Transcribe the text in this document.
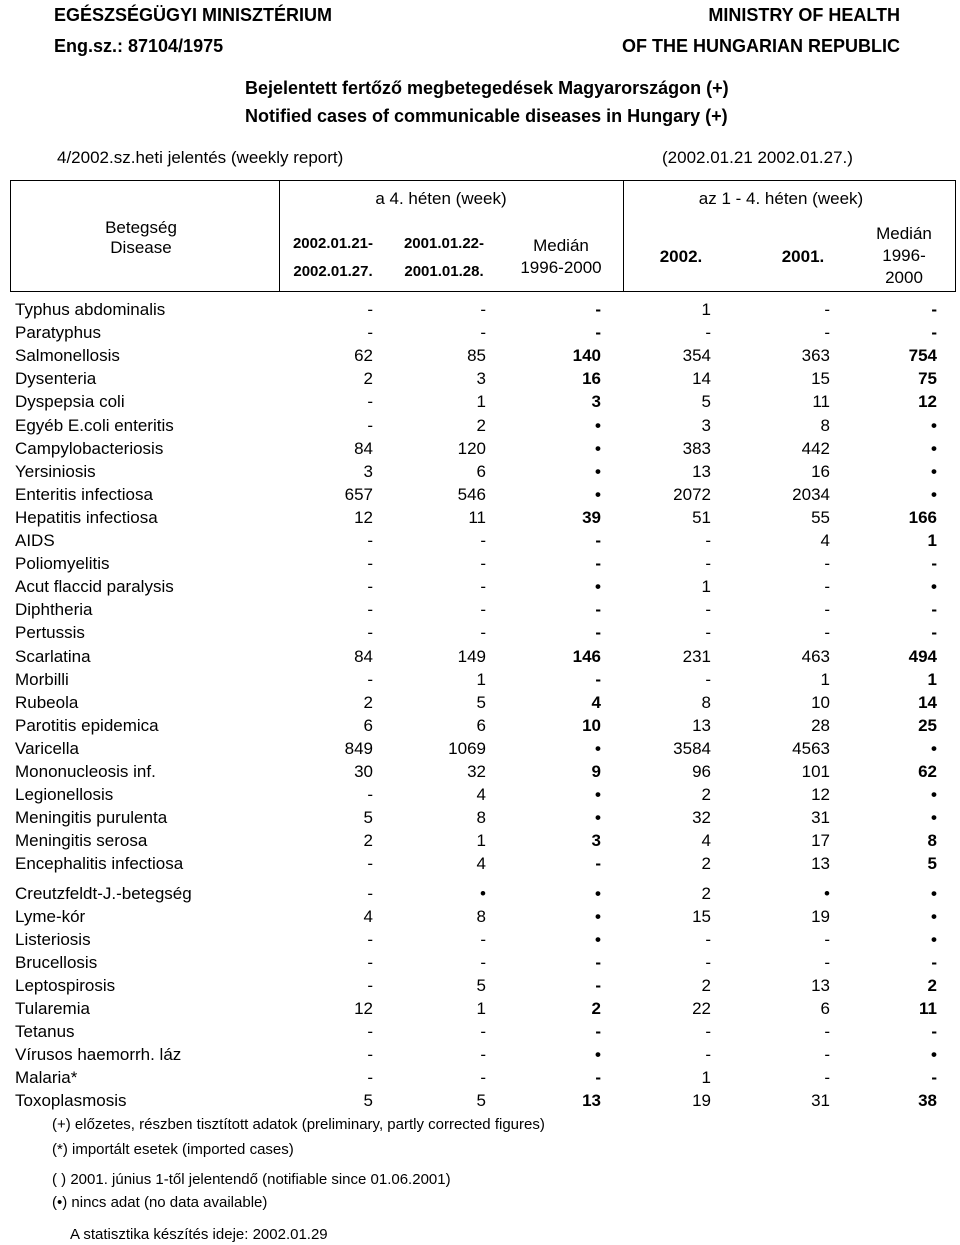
EGÉSZSÉGÜGYI MINISZTÉRIUM
Eng.sz.: 87104/1975
MINISTRY OF HEALTH
OF THE HUNGARIAN REPUBLIC
Bejelentett fertőző megbetegedések Magyarországon (+)
Notified cases of communicable diseases in Hungary (+)
4/2002.sz.heti jelentés (weekly report)	(2002.01.21 2002.01.27.)
Betegség
Disease
a 4. héten (week)	az 1 - 4. héten (week)
2002.01.21-
2002.01.27.
2001.01.22-
2001.01.28.
Medián
1996-2000
2002.	2001.
Medián
1996-
2000
Typhus abdominalis	-	-	-	1	-	-
Paratyphus	-	-	-	-	-	-
Salmonellosis	62	85	140	354	363	754
Dysenteria	2	3	16	14	15	75
Dyspepsia coli	-	1	3	5	11	12
Egyéb E.coli enteritis	-	2	•	3	8	•
Campylobacteriosis	84	120	•	383	442	•
Yersiniosis	3	6	•	13	16	•
Enteritis infectiosa	657	546	•	2072	2034	•
Hepatitis infectiosa	12	11	39	51	55	166
AIDS	-	-	-	-	4	1
Poliomyelitis	-	-	-	-	-	-
Acut flaccid paralysis	-	-	•	1	-	•
Diphtheria	-	-	-	-	-	-
Pertussis	-	-	-	-	-	-
Scarlatina	84	149	146	231	463	494
Morbilli	-	1	-	-	1	1
Rubeola	2	5	4	8	10	14
Parotitis epidemica	6	6	10	13	28	25
Varicella	849	1069	•	3584	4563	•
Mononucleosis inf.	30	32	9	96	101	62
Legionellosis	-	4	•	2	12	•
Meningitis purulenta	5	8	•	32	31	•
Meningitis serosa	2	1	3	4	17	8
Encephalitis infectiosa	-	4	-	2	13	5
Creutzfeldt-J.-betegség	-	•	•	2	•	•
Lyme-kór	4	8	•	15	19	•
Listeriosis	-	-	•	-	-	•
Brucellosis	-	-	-	-	-	-
Leptospirosis	-	5	-	2	13	2
Tularemia	12	1	2	22	6	11
Tetanus	-	-	-	-	-	-
Vírusos haemorrh. láz	-	-	•	-	-	•
Malaria*	-	-	-	1	-	-
Toxoplasmosis	5	5	13	19	31	38
(+) előzetes, részben tisztított adatok (preliminary, partly corrected figures)
(*) importált esetek (imported cases)
( ) 2001. június 1-től jelentendő (notifiable since 01.06.2001)
(•) nincs adat (no data available)
A statisztika készítés ideje: 2002.01.29
